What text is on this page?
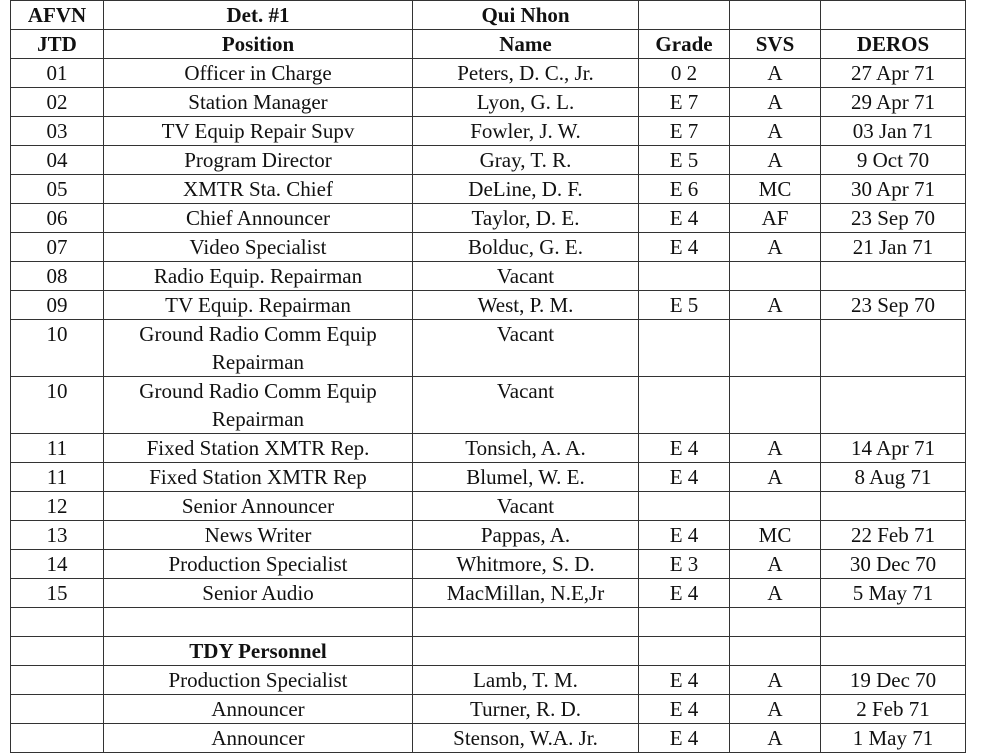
AFVN	Det. #1	Qui Nhon			
JTD	Position	Name	Grade	SVS	DEROS
01	Officer in Charge	Peters, D. C., Jr.	0 2	A	27 Apr 71
02	Station Manager	Lyon, G. L.	E 7	A	29 Apr 71
03	TV Equip Repair Supv	Fowler, J. W.	E 7	A	03 Jan 71
04	Program Director	Gray, T. R.	E 5	A	9 Oct 70
05	XMTR Sta. Chief	DeLine, D. F.	E 6	MC	30 Apr 71
06	Chief Announcer	Taylor, D. E.	E 4	AF	23 Sep 70
07	Video Specialist	Bolduc, G. E.	E 4	A	21 Jan 71
08	Radio Equip. Repairman	Vacant			
09	TV Equip. Repairman	West, P. M.	E 5	A	23 Sep 70
10	Ground Radio Comm Equip Repairman	Vacant			
10	Ground Radio Comm Equip Repairman	Vacant			
11	Fixed Station XMTR Rep.	Tonsich, A. A.	E 4	A	14 Apr 71
11	Fixed Station XMTR Rep	Blumel, W. E.	E 4	A	8 Aug 71
12	Senior Announcer	Vacant			
13	News Writer	Pappas, A.	E 4	MC	22 Feb 71
14	Production Specialist	Whitmore, S. D.	E 3	A	30 Dec 70
15	Senior Audio	MacMillan, N.E,Jr	E 4	A	5 May 71

	TDY Personnel				
	Production Specialist	Lamb, T. M.	E 4	A	19 Dec 70
	Announcer	Turner, R. D.	E 4	A	2 Feb 71
	Announcer	Stenson, W.A. Jr.	E 4	A	1 May 71
